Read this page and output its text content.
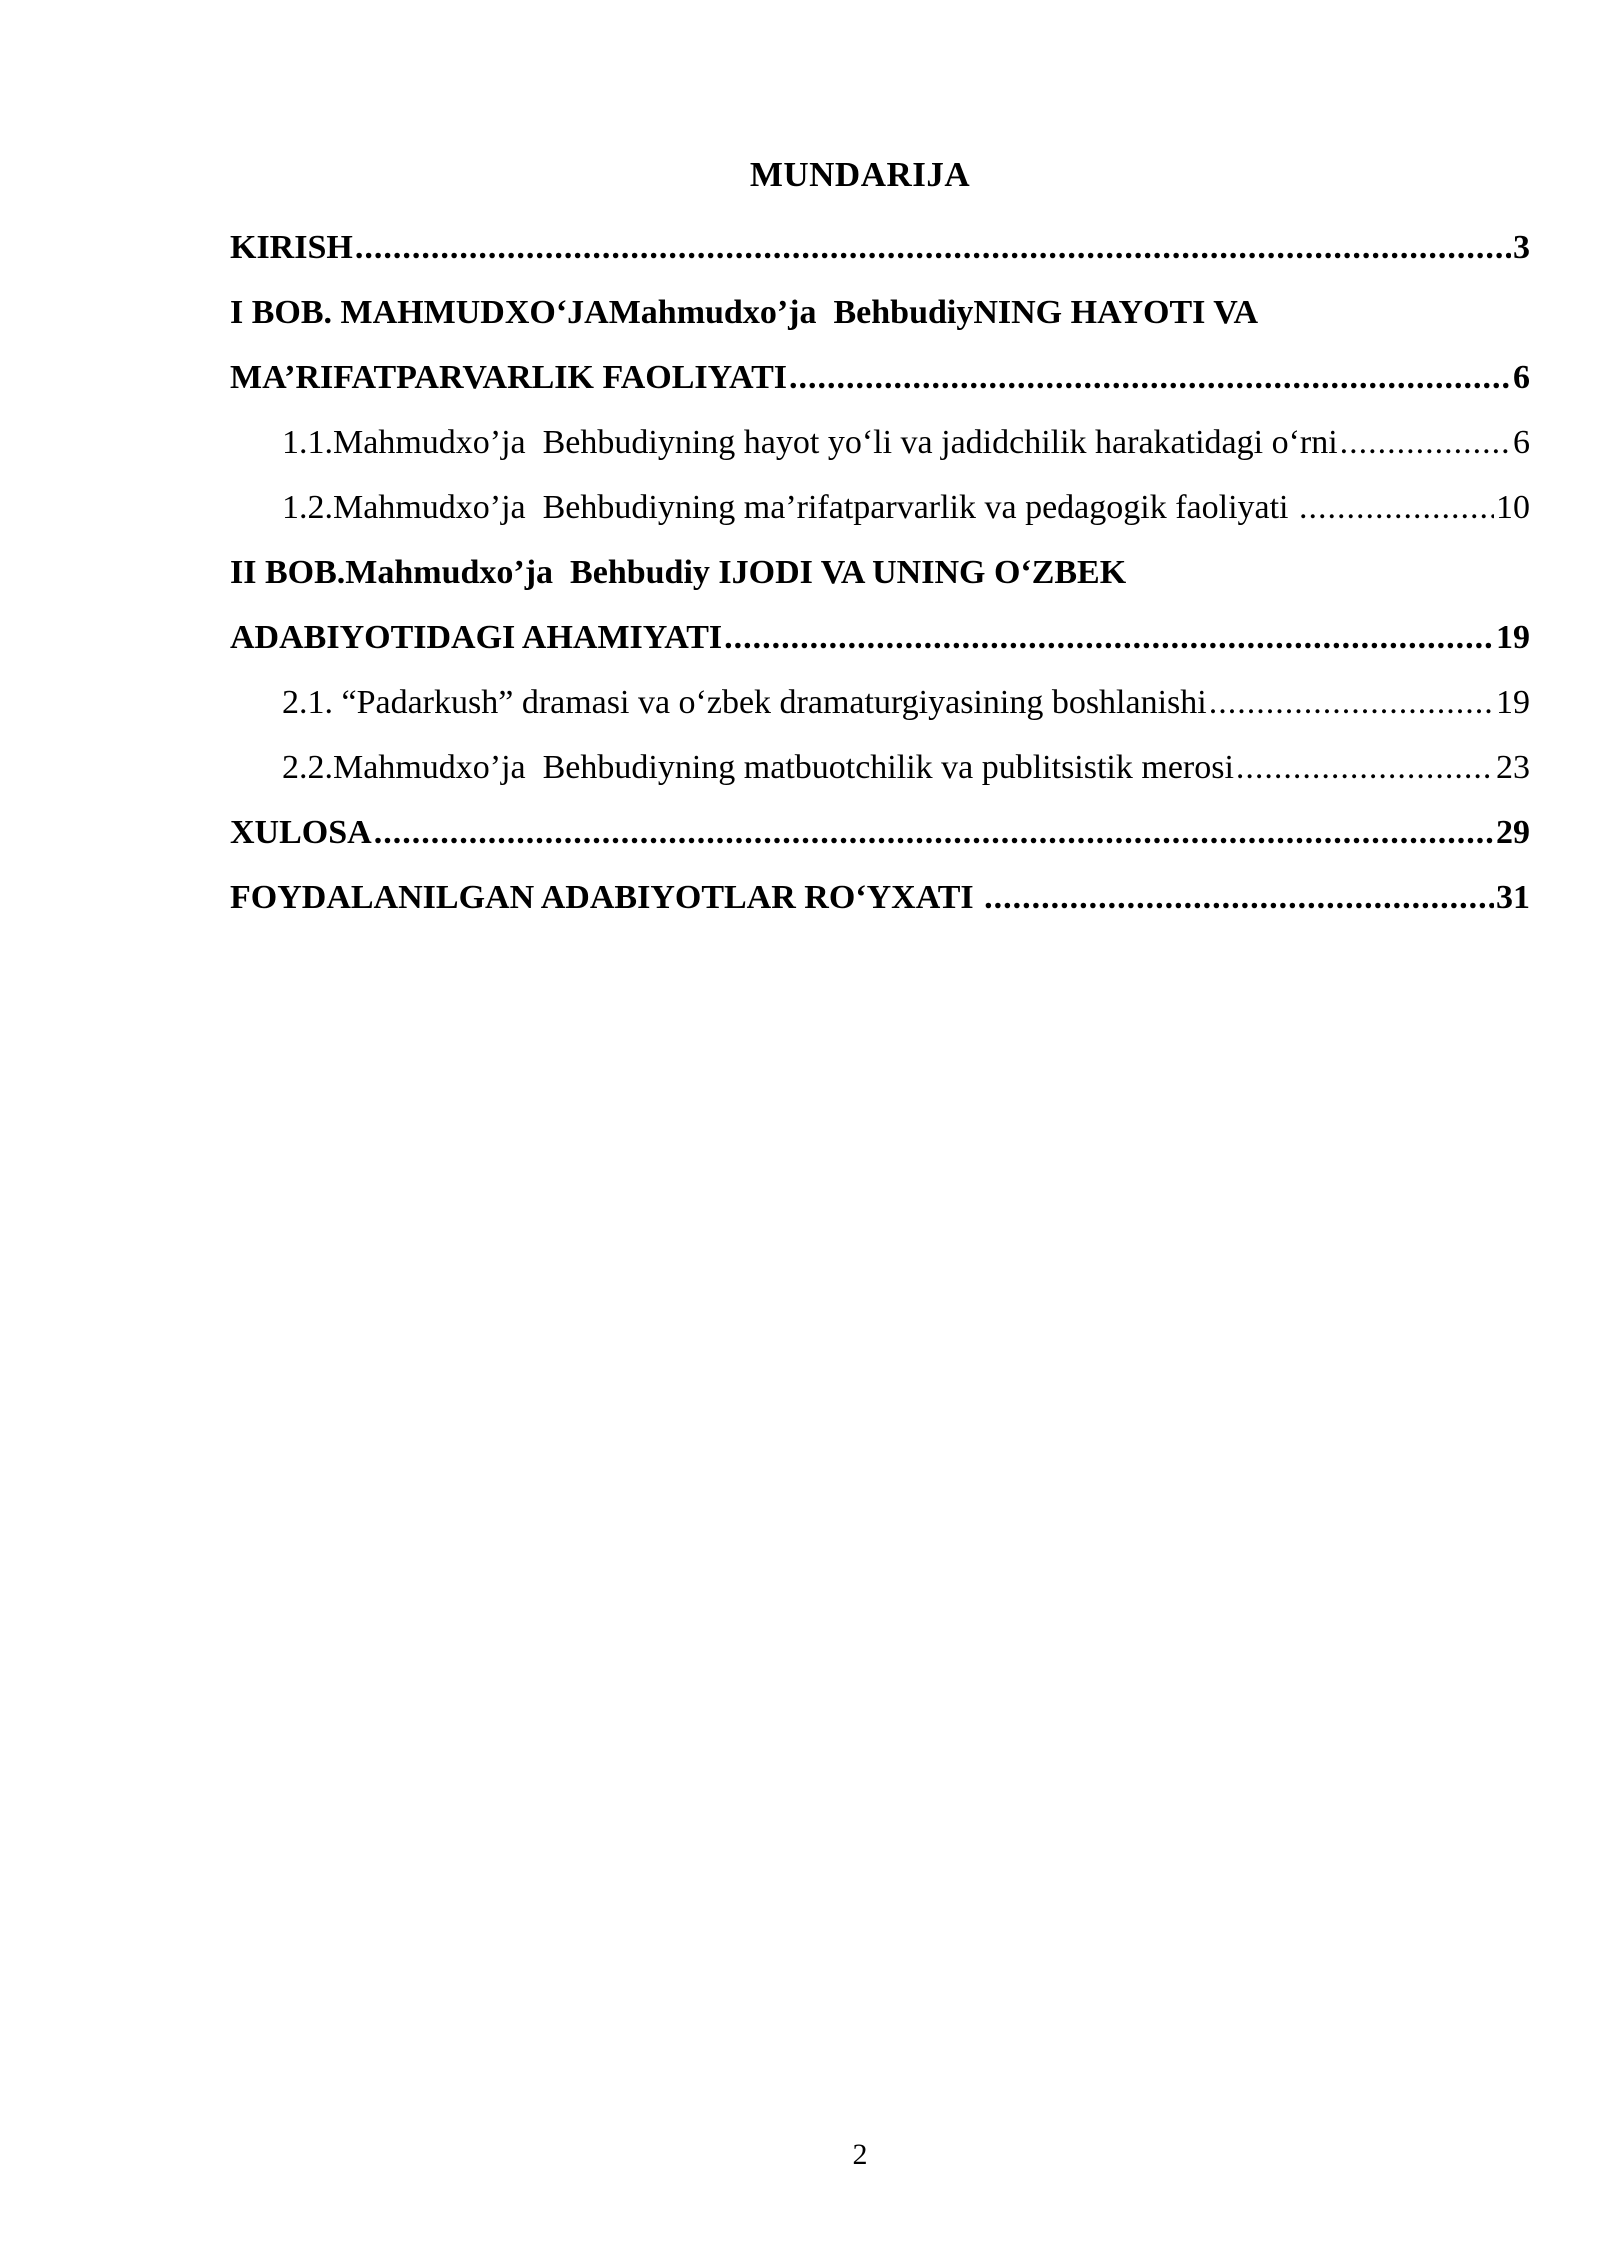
MUNDARIJA
KIRISH .....	3
I BOB. MAHMUDXO‘JAMahmudxo’ja  BehbudiyNING HAYOTI VA
MA’RIFATPARVARLIK FAOLIYATI .....	6
1.1.Mahmudxo’ja  Behbudiyning hayot yo‘li va jadidchilik harakatidagi o‘rni .....	6
1.2.Mahmudxo’ja  Behbudiyning ma’rifatparvarlik va pedagogik faoliyati .....	10
II BOB.Mahmudxo’ja  Behbudiy IJODI VA UNING O‘ZBEK
ADABIYOTIDAGI AHAMIYATI .....	19
2.1. “Padarkush” dramasi va o‘zbek dramaturgiyasining boshlanishi .....	19
2.2.Mahmudxo’ja  Behbudiyning matbuotchilik va publitsistik merosi .....	23
XULOSA .....	29
FOYDALANILGAN ADABIYOTLAR RO‘YXATI .....	31
2
